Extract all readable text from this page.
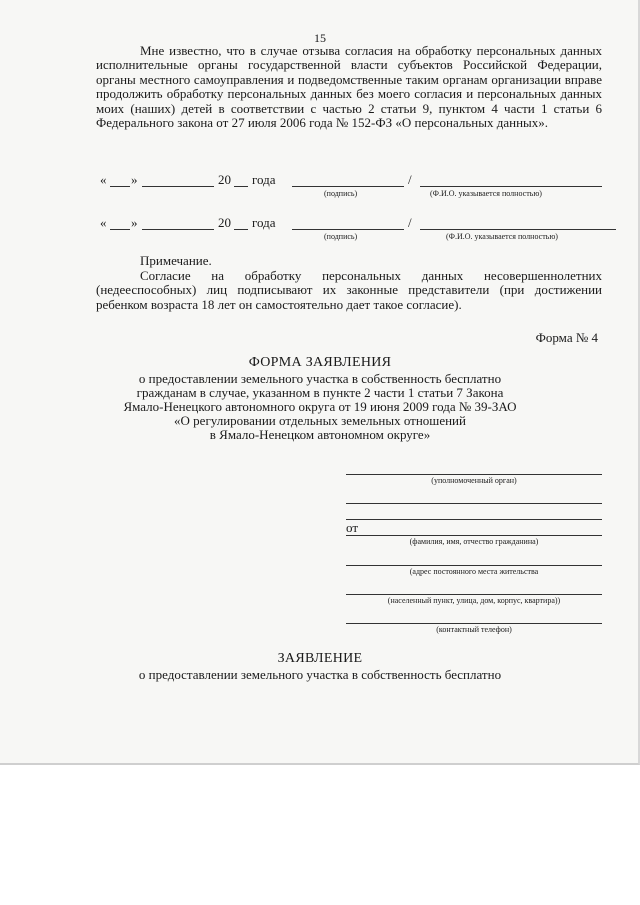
15

Мне известно, что в случае отзыва согласия на обработку персональных данных исполнительные органы государственной власти субъектов Российской Федерации, органы местного самоуправления и подведомственные таким органам организации вправе продолжить обработку персональных данных без моего согласия и персональных данных моих (наших) детей в соответствии с частью 2 статьи 9, пунктом 4 части 1 статьи 6 Федерального закона от 27 июля 2006 года № 152-ФЗ «О персональных данных».

« »	20 года	/
(подпись)	(Ф.И.О. указывается полностью)
« »	20 года	/
(подпись)	(Ф.И.О. указывается полностью)

Примечание.

Согласие на обработку персональных данных несовершеннолетних (недееспособных) лиц подписывают их законные представители (при достижении ребенком возраста 18 лет он самостоятельно дает такое согласие).

Форма № 4

ФОРМА ЗАЯВЛЕНИЯ

о предоставлении земельного участка в собственность бесплатно

гражданам в случае, указанном в пункте 2 части 1 статьи 7 Закона

Ямало-Ненецкого автономного округа от 19 июня 2009 года № 39-ЗАО

«О регулировании отдельных земельных отношений

в Ямало-Ненецком автономном округе»

(уполномоченный орган)
от
(фамилия, имя, отчество гражданина)
(адрес постоянного места жительства
(населенный пункт, улица, дом, корпус, квартира))
(контактный телефон)

ЗАЯВЛЕНИЕ

о предоставлении земельного участка в собственность бесплатно
